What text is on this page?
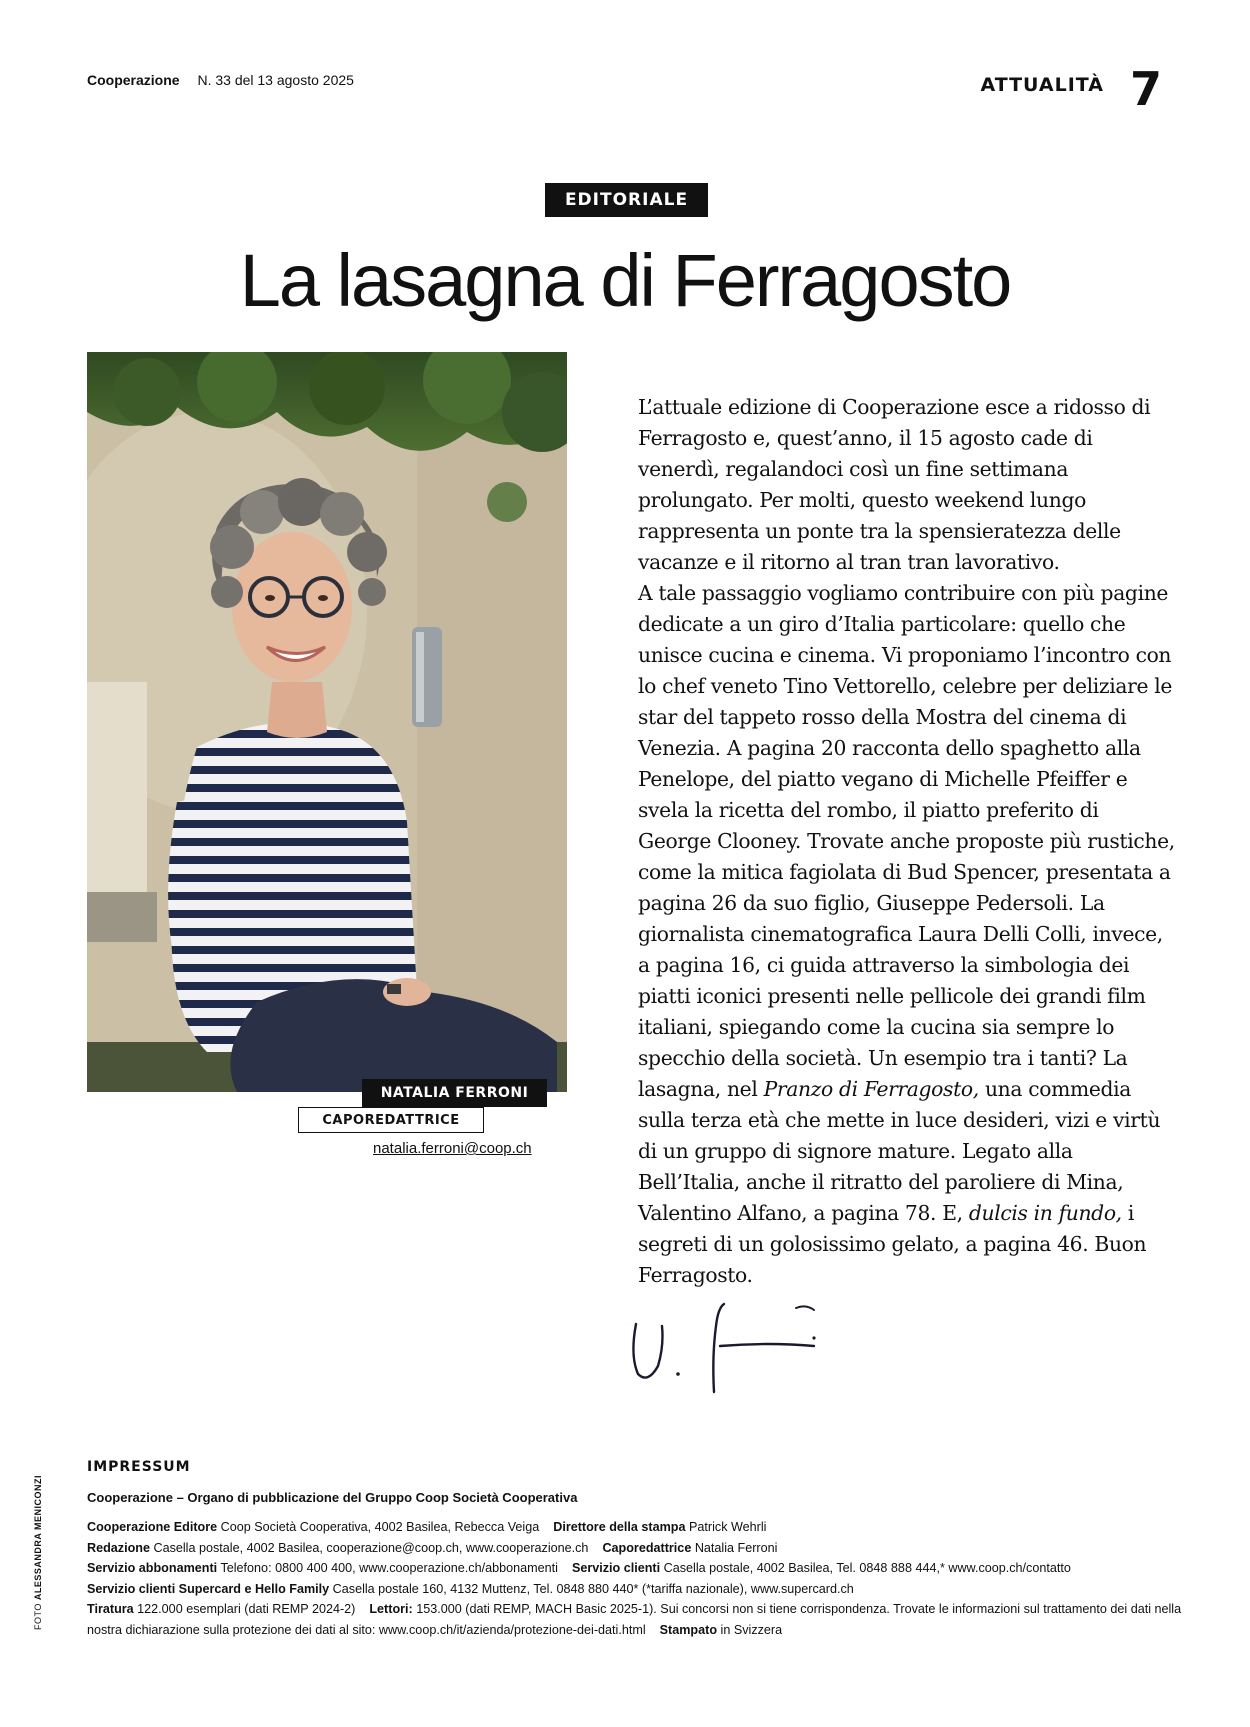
Cooperazione N. 33 del 13 agosto 2025	ATTUALITÀ 7
EDITORIALE
La lasagna di Ferragosto
NATALIA FERRONI
CAPOREDATTRICE
natalia.ferroni@coop.ch

L’attuale edizione di Cooperazione esce a ridosso di Ferragosto e, quest’anno, il 15 agosto cade di venerdì, regalandoci così un fine settimana prolungato. Per molti, questo weekend lungo rappresenta un ponte tra la spensieratezza delle vacanze e il ritorno al tran tran lavorativo.
A tale passaggio vogliamo contribuire con più pagine dedicate a un giro d’Italia particolare: quello che unisce cucina e cinema. Vi proponiamo l’incontro con lo chef veneto Tino Vettorello, celebre per deliziare le star del tappeto rosso della Mostra del cinema di Venezia. A pagina 20 racconta dello spaghetto alla Penelope, del piatto vegano di Michelle Pfeiffer e svela la ricetta del rombo, il piatto preferito di George Clooney. Trovate anche proposte più rustiche, come la mitica fagiolata di Bud Spencer, presentata a pagina 26 da suo figlio, Giuseppe Pedersoli. La giornalista cinematografica Laura Delli Colli, invece, a pagina 16, ci guida attraverso la simbologia dei piatti iconici presenti nelle pellicole dei grandi film italiani, spiegando come la cucina sia sempre lo specchio della società. Un esempio tra i tanti? La lasagna, nel Pranzo di Ferragosto, una commedia sulla terza età che mette in luce desideri, vizi e virtù di un gruppo di signore mature. Legato alla Bell’Italia, anche il ritratto del paroliere di Mina, Valentino Alfano, a pagina 78. E, dulcis in fundo, i segreti di un golosissimo gelato, a pagina 46. Buon Ferragosto.

IMPRESSUM
Cooperazione – Organo di pubblicazione del Gruppo Coop Società Cooperativa
Cooperazione Editore Coop Società Cooperativa, 4002 Basilea, Rebecca Veiga Direttore della stampa Patrick Wehrli
Redazione Casella postale, 4002 Basilea, cooperazione@coop.ch, www.cooperazione.ch Caporedattrice Natalia Ferroni
Servizio abbonamenti Telefono: 0800 400 400, www.cooperazione.ch/abbonamenti Servizio clienti Casella postale, 4002 Basilea, Tel. 0848 888 444,* www.coop.ch/contatto
Servizio clienti Supercard e Hello Family Casella postale 160, 4132 Muttenz, Tel. 0848 880 440* (*tariffa nazionale), www.supercard.ch
Tiratura 122.000 esemplari (dati REMP 2024-2) Lettori: 153.000 (dati REMP, MACH Basic 2025-1). Sui concorsi non si tiene corrispondenza. Trovate le informazioni sul trattamento dei dati nella nostra dichiarazione sulla protezione dei dati al sito: www.coop.ch/it/azienda/protezione-dei-dati.html Stampato in Svizzera
FOTO ALESSANDRA MENICONZI
